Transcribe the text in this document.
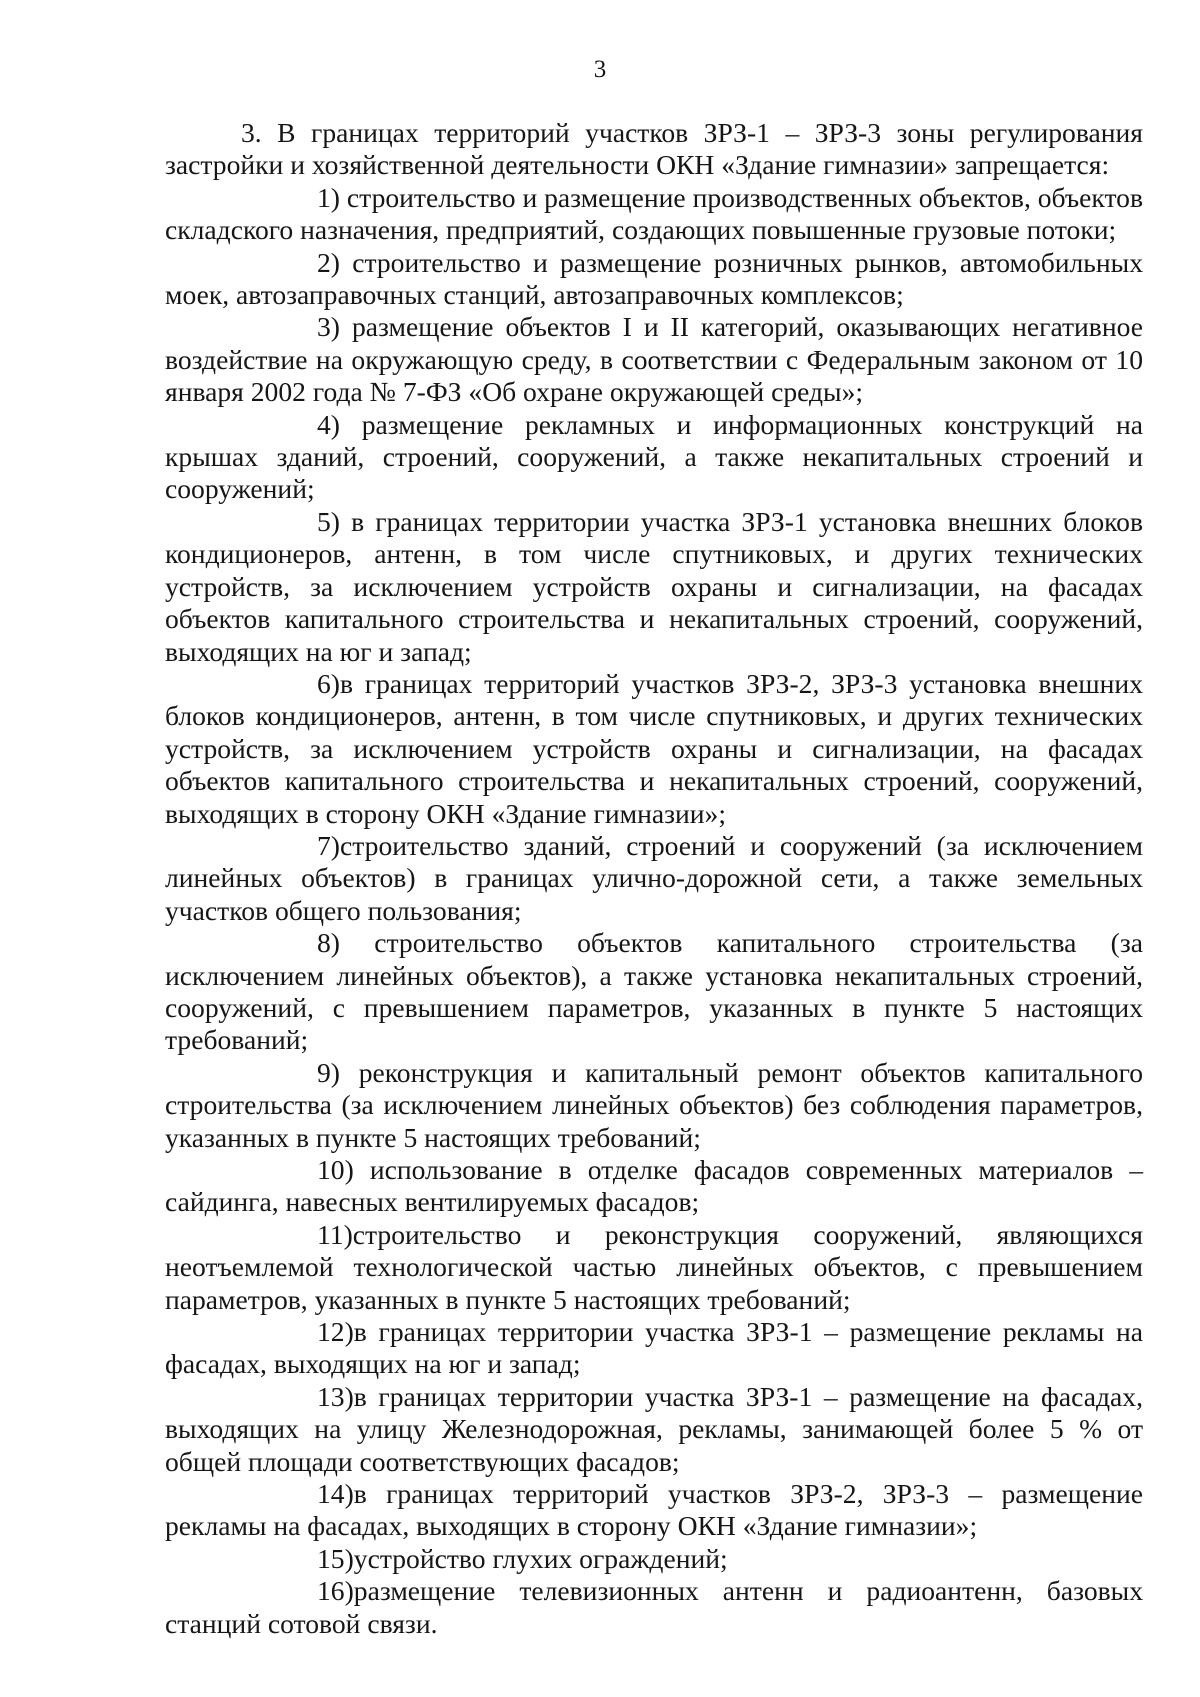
3

3. В границах территорий участков ЗРЗ-1 – ЗРЗ-3 зоны регулирования застройки и хозяйственной деятельности ОКН «Здание гимназии» запрещается:

1) строительство и размещение производственных объектов, объектов складского назначения, предприятий, создающих повышенные грузовые потоки;

2) строительство и размещение розничных рынков, автомобильных моек, автозаправочных станций, автозаправочных комплексов;

3) размещение объектов I и II категорий, оказывающих негативное воздействие на окружающую среду, в соответствии с Федеральным законом от 10 января 2002 года № 7-ФЗ «Об охране окружающей среды»;

4) размещение рекламных и информационных конструкций на крышах зданий, строений, сооружений, а также некапитальных строений и сооружений;

5) в границах территории участка ЗРЗ-1 установка внешних блоков кондиционеров, антенн, в том числе спутниковых, и других технических устройств, за исключением устройств охраны и сигнализации, на фасадах объектов капитального строительства и некапитальных строений, сооружений, выходящих на юг и запад;

6)в границах территорий участков ЗРЗ-2, ЗРЗ-3 установка внешних блоков кондиционеров, антенн, в том числе спутниковых, и других технических устройств, за исключением устройств охраны и сигнализации, на фасадах объектов капитального строительства и некапитальных строений, сооружений, выходящих в сторону ОКН «Здание гимназии»;

7)строительство зданий, строений и сооружений (за исключением линейных объектов) в границах улично-дорожной сети, а также земельных участков общего пользования;

8) строительство объектов капитального строительства (за исключением линейных объектов), а также установка некапитальных строений, сооружений, с превышением параметров, указанных в пункте 5 настоящих требований;

9) реконструкция и капитальный ремонт объектов капитального строительства (за исключением линейных объектов) без соблюдения параметров, указанных в пункте 5 настоящих требований;

10) использование в отделке фасадов современных материалов – сайдинга, навесных вентилируемых фасадов;

11)строительство и реконструкция сооружений, являющихся неотъемлемой технологической частью линейных объектов, с превышением параметров, указанных в пункте 5 настоящих требований;

12)в границах территории участка ЗРЗ-1 – размещение рекламы на фасадах, выходящих на юг и запад;

13)в границах территории участка ЗРЗ-1 – размещение на фасадах, выходящих на улицу Железнодорожная, рекламы, занимающей более 5 % от общей площади соответствующих фасадов;

14)в границах территорий участков ЗРЗ-2, ЗРЗ-3 – размещение рекламы на фасадах, выходящих в сторону ОКН «Здание гимназии»;

15)устройство глухих ограждений;

16)размещение телевизионных антенн и радиоантенн, базовых станций сотовой связи.
